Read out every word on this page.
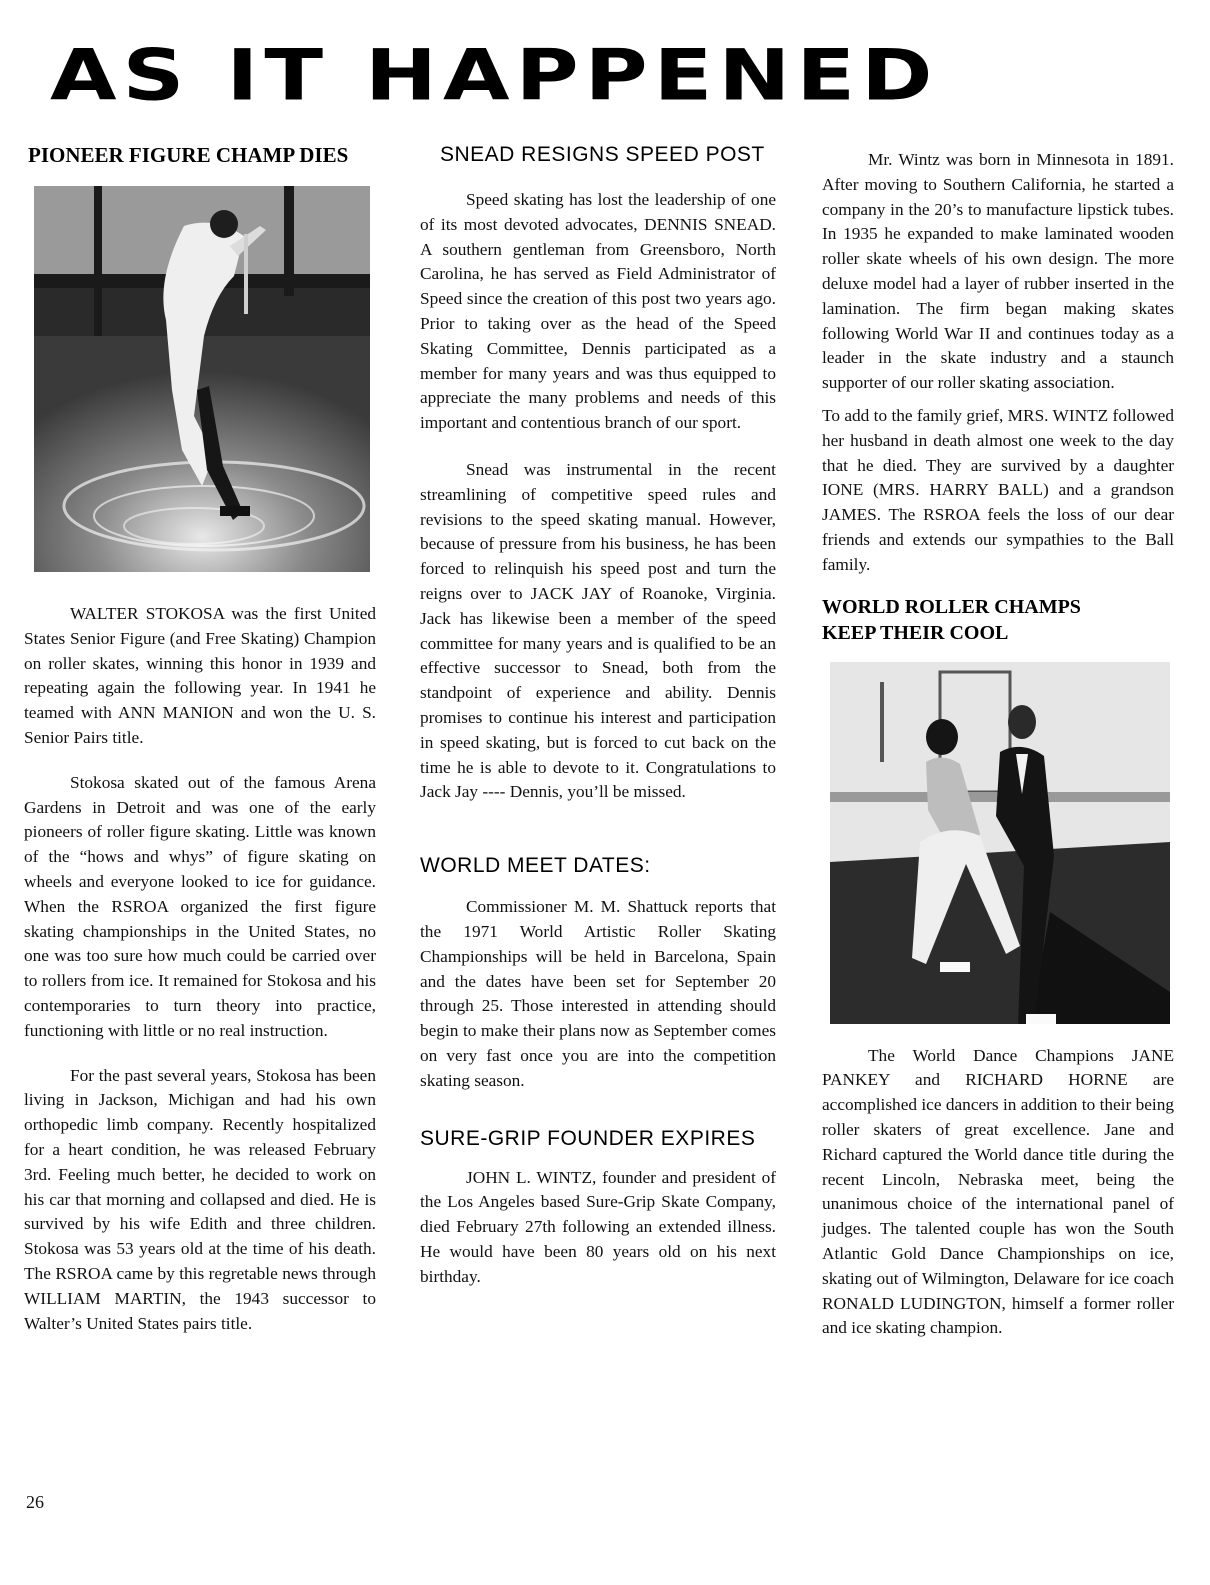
AS IT HAPPENED
PIONEER FIGURE CHAMP DIES

WALTER STOKOSA was the first United States Senior Figure (and Free Skating) Champion on roller skates, winning this honor in 1939 and repeating again the following year. In 1941 he teamed with ANN MANION and won the U. S. Senior Pairs title.

Stokosa skated out of the famous Arena Gardens in Detroit and was one of the early pioneers of roller figure skating. Little was known of the “hows and whys” of figure skating on wheels and everyone looked to ice for guidance. When the RSROA organized the first figure skating championships in the United States, no one was too sure how much could be carried over to rollers from ice. It remained for Stokosa and his contemporaries to turn theory into practice, functioning with little or no real instruction.

For the past several years, Stokosa has been living in Jackson, Michigan and had his own orthopedic limb company. Recently hospitalized for a heart condition, he was released February 3rd. Feeling much better, he decided to work on his car that morning and collapsed and died. He is survived by his wife Edith and three children. Stokosa was 53 years old at the time of his death. The RSROA came by this regretable news through WILLIAM MARTIN, the 1943 successor to Walter’s United States pairs title.

SNEAD RESIGNS SPEED POST

Speed skating has lost the leadership of one of its most devoted advocates, DENNIS SNEAD. A southern gentleman from Greensboro, North Carolina, he has served as Field Administrator of Speed since the creation of this post two years ago. Prior to taking over as the head of the Speed Skating Committee, Dennis participated as a member for many years and was thus equipped to appreciate the many problems and needs of this important and contentious branch of our sport.

Snead was instrumental in the recent streamlining of competitive speed rules and revisions to the speed skating manual. However, because of pressure from his business, he has been forced to relinquish his speed post and turn the reigns over to JACK JAY of Roanoke, Virginia. Jack has likewise been a member of the speed committee for many years and is qualified to be an effective successor to Snead, both from the standpoint of experience and ability. Dennis promises to continue his interest and participation in speed skating, but is forced to cut back on the time he is able to devote to it. Congratulations to Jack Jay ---- Dennis, you’ll be missed.

WORLD MEET DATES:

Commissioner M. M. Shattuck reports that the 1971 World Artistic Roller Skating Championships will be held in Barcelona, Spain and the dates have been set for September 20 through 25. Those interested in attending should begin to make their plans now as September comes on very fast once you are into the competition skating season.

SURE-GRIP FOUNDER EXPIRES

JOHN L. WINTZ, founder and president of the Los Angeles based Sure-Grip Skate Company, died February 27th following an extended illness. He would have been 80 years old on his next birthday.

Mr. Wintz was born in Minnesota in 1891. After moving to Southern California, he started a company in the 20’s to manufacture lipstick tubes. In 1935 he expanded to make laminated wooden roller skate wheels of his own design. The more deluxe model had a layer of rubber inserted in the lamination. The firm began making skates following World War II and continues today as a leader in the skate industry and a staunch supporter of our roller skating association.

To add to the family grief, MRS. WINTZ followed her husband in death almost one week to the day that he died. They are survived by a daughter IONE (MRS. HARRY BALL) and a grandson JAMES. The RSROA feels the loss of our dear friends and extends our sympathies to the Ball family.

WORLD ROLLER CHAMPS
KEEP THEIR COOL

The World Dance Champions JANE PANKEY and RICHARD HORNE are accomplished ice dancers in addition to their being roller skaters of great excellence. Jane and Richard captured the World dance title during the recent Lincoln, Nebraska meet, being the unanimous choice of the international panel of judges. The talented couple has won the South Atlantic Gold Dance Championships on ice, skating out of Wilmington, Delaware for ice coach RONALD LUDINGTON, himself a former roller and ice skating champion.

26
